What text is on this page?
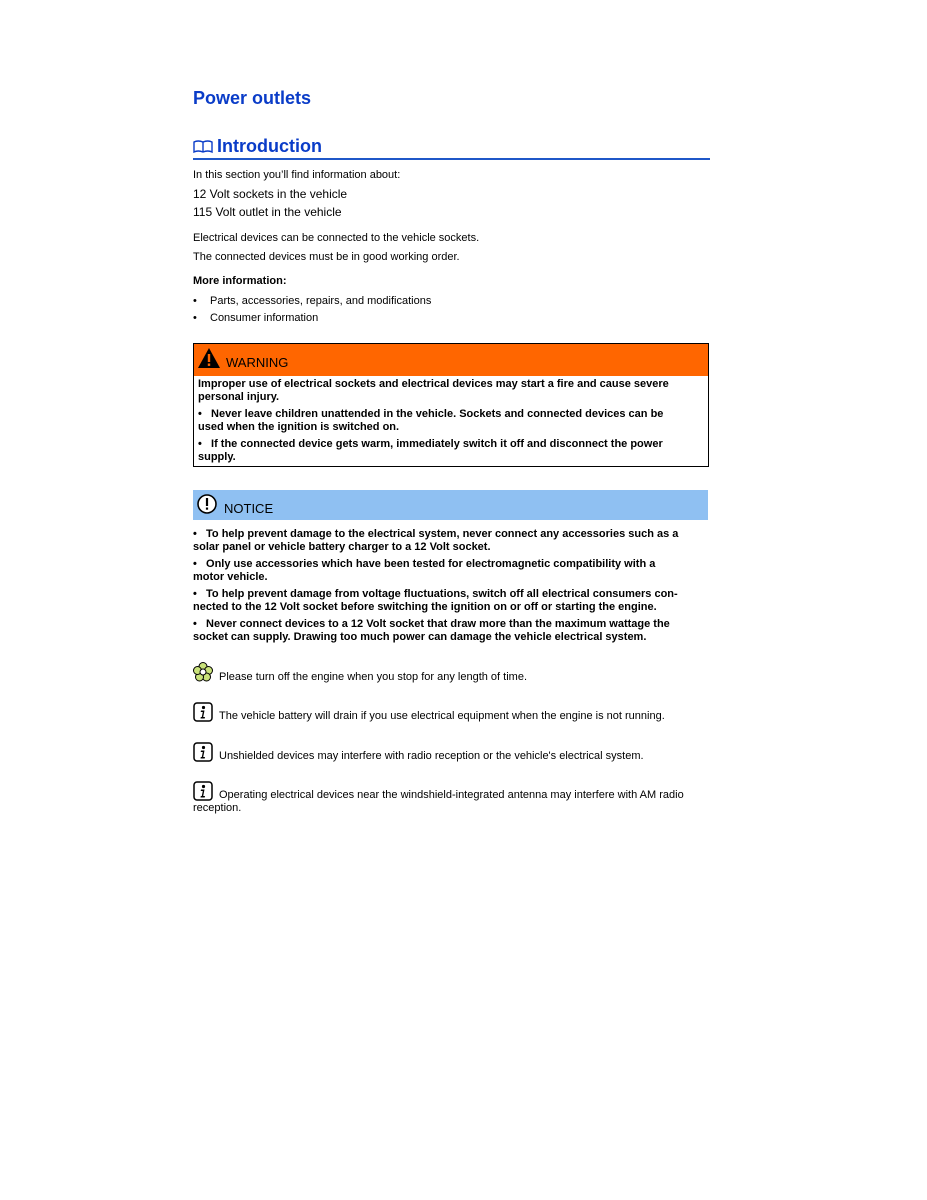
Power outlets
Introduction
In this section you’ll find information about:
12 Volt sockets in the vehicle
115 Volt outlet in the vehicle
Electrical devices can be connected to the vehicle sockets.
The connected devices must be in good working order.
More information:
• Parts, accessories, repairs, and modifications
• Consumer information
WARNING
Improper use of electrical sockets and electrical devices may start a fire and cause severe
personal injury.
•   Never leave children unattended in the vehicle. Sockets and connected devices can be
used when the ignition is switched on.
•   If the connected device gets warm, immediately switch it off and disconnect the power
supply.
NOTICE
•   To help prevent damage to the electrical system, never connect any accessories such as a
solar panel or vehicle battery charger to a 12 Volt socket.
•   Only use accessories which have been tested for electromagnetic compatibility with a
motor vehicle.
•   To help prevent damage from voltage fluctuations, switch off all electrical consumers con-
nected to the 12 Volt socket before switching the ignition on or off or starting the engine.
•   Never connect devices to a 12 Volt socket that draw more than the maximum wattage the
socket can supply. Drawing too much power can damage the vehicle electrical system.
Please turn off the engine when you stop for any length of time.
The vehicle battery will drain if you use electrical equipment when the engine is not running.
Unshielded devices may interfere with radio reception or the vehicle's electrical system.
Operating electrical devices near the windshield-integrated antenna may interfere with AM radio
reception.
